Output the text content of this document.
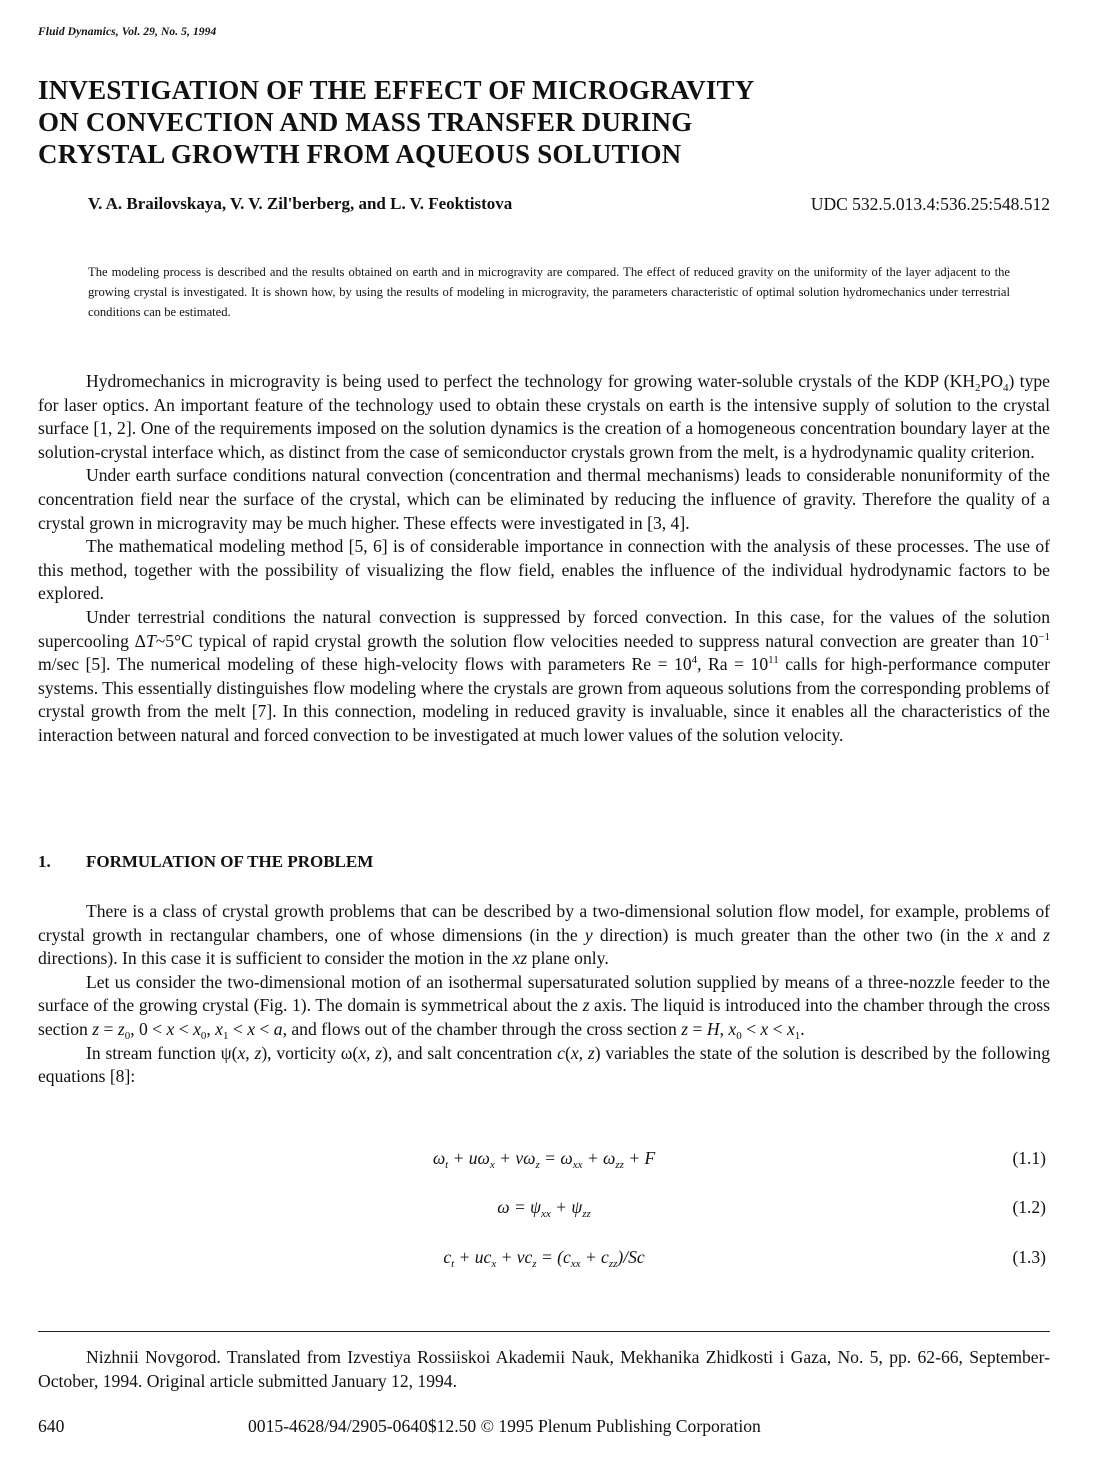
Fluid Dynamics, Vol. 29, No. 5, 1994
INVESTIGATION OF THE EFFECT OF MICROGRAVITY
ON CONVECTION AND MASS TRANSFER DURING
CRYSTAL GROWTH FROM AQUEOUS SOLUTION
V. A. Brailovskaya, V. V. Zil'berberg, and L. V. Feoktistova	UDC 532.5.013.4:536.25:548.512
The modeling process is described and the results obtained on earth and in microgravity are compared. The effect of reduced gravity on the uniformity of the layer adjacent to the growing crystal is investigated. It is shown how, by using the results of modeling in microgravity, the parameters characteristic of optimal solution hydromechanics under terrestrial conditions can be estimated.

Hydromechanics in microgravity is being used to perfect the technology for growing water-soluble crystals of the KDP $(KH_2PO_4)$ type for laser optics. An important feature of the technology used to obtain these crystals on earth is the intensive supply of solution to the crystal surface [1, 2]. One of the requirements imposed on the solution dynamics is the creation of a homogeneous concentration boundary layer at the solution-crystal interface which, as distinct from the case of semiconductor crystals grown from the melt, is a hydrodynamic quality criterion.

Under earth surface conditions natural convection (concentration and thermal mechanisms) leads to considerable nonuniformity of the concentration field near the surface of the crystal, which can be eliminated by reducing the influence of gravity. Therefore the quality of a crystal grown in microgravity may be much higher. These effects were investigated in [3, 4].

The mathematical modeling method [5, 6] is of considerable importance in connection with the analysis of these processes. The use of this method, together with the possibility of visualizing the flow field, enables the influence of the individual hydrodynamic factors to be explored.

Under terrestrial conditions the natural convection is suppressed by forced convection. In this case, for the values of the solution supercooling ΔT~5°C typical of rapid crystal growth the solution flow velocities needed to suppress natural convection are greater than $10^{-1}$ m/sec [5]. The numerical modeling of these high-velocity flows with parameters $Re = 10^4$, $Ra = 10^{11}$ calls for high-performance computer systems. This essentially distinguishes flow modeling where the crystals are grown from aqueous solutions from the corresponding problems of crystal growth from the melt [7]. In this connection, modeling in reduced gravity is invaluable, since it enables all the characteristics of the interaction between natural and forced convection to be investigated at much lower values of the solution velocity.

1. FORMULATION OF THE PROBLEM

There is a class of crystal growth problems that can be described by a two-dimensional solution flow model, for example, problems of crystal growth in rectangular chambers, one of whose dimensions (in the y direction) is much greater than the other two (in the x and z directions). In this case it is sufficient to consider the motion in the xz plane only.

Let us consider the two-dimensional motion of an isothermal supersaturated solution supplied by means of a three-nozzle feeder to the surface of the growing crystal (Fig. 1). The domain is symmetrical about the z axis. The liquid is introduced into the chamber through the cross section $z = z_0$, $0 < x < x_0$, $x_1 < x < a$, and flows out of the chamber through the cross section z = H, $x_0 < x < x_1$.

In stream function ψ(x, z), vorticity ω(x, z), and salt concentration c(x, z) variables the state of the solution is described by the following equations [8]:

$\omega_t + u\omega_x + v\omega_z = \omega_{xx} + \omega_{zz} + F$	(1.1)
$\omega = \psi_{xx} + \psi_{zz}$	(1.2)
$c_t + uc_x + vc_z = (c_{xx} + c_{zz})/Sc$	(1.3)
Nizhnii Novgorod. Translated from Izvestiya Rossiiskoi Akademii Nauk, Mekhanika Zhidkosti i Gaza, No. 5, pp. 62-66, September-October, 1994. Original article submitted January 12, 1994.
640	0015-4628/94/2905-0640$12.50 © 1995 Plenum Publishing Corporation
